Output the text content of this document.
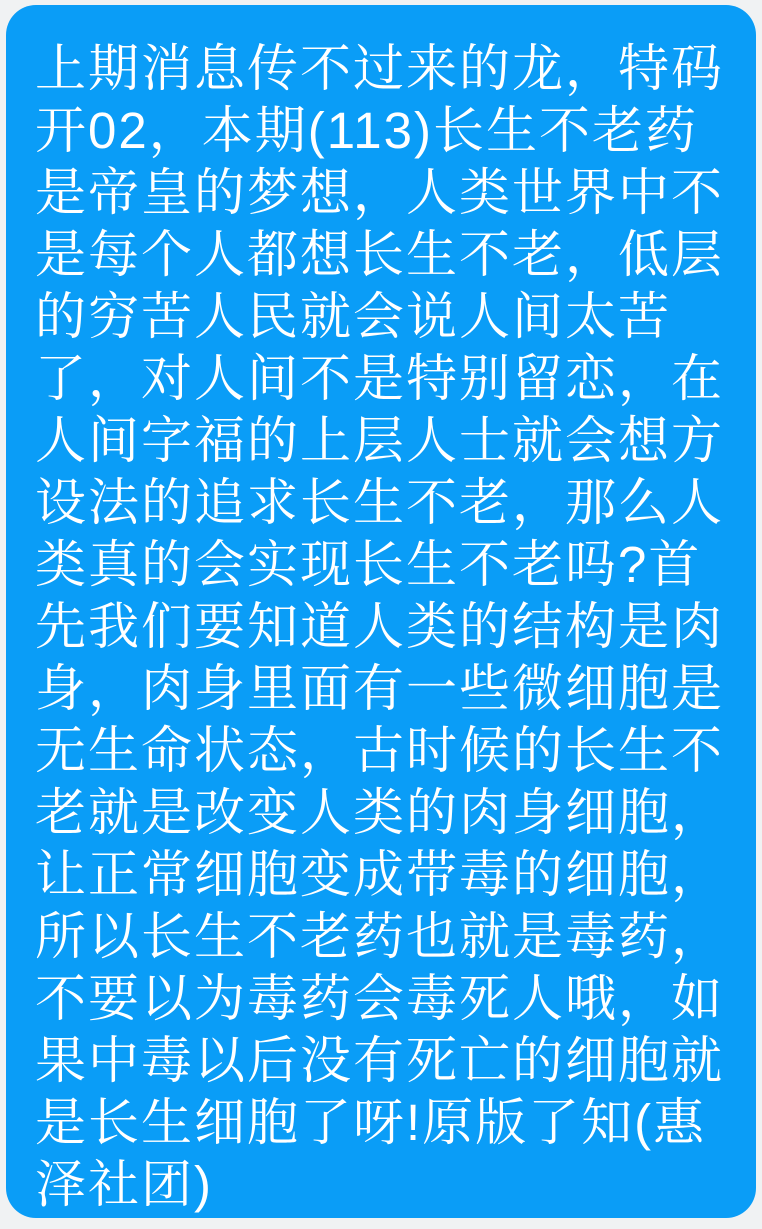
上期消息传不过来的龙，特码开02，本期(113)长生不老药是帝皇的梦想，人类世界中不是每个人都想长生不老，低层的穷苦人民就会说人间太苦了，对人间不是特别留恋，在人间字福的上层人士就会想方设法的追求长生不老，那么人类真的会实现长生不老吗?首先我们要知道人类的结构是肉身，肉身里面有一些微细胞是无生命状态，古时候的长生不老就是改变人类的肉身细胞，让正常细胞变成带毒的细胞，所以长生不老药也就是毒药，不要以为毒药会毒死人哦，如果中毒以后没有死亡的细胞就是长生细胞了呀!原版了知(惠泽社团)
